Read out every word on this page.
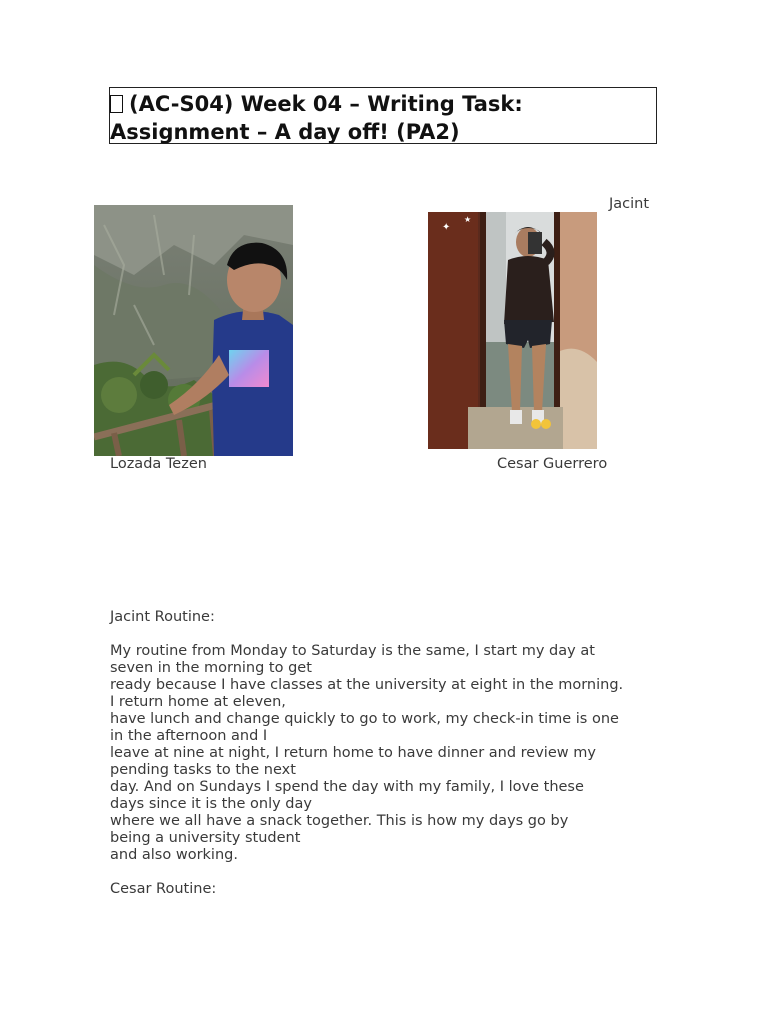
(AC-S04) Week 04 – Writing Task:

Assignment – A day off! (PA2)

Jacint
✦
★
Lozada Tezen	Cesar Guerrero
Jacint Routine:
My routine from Monday to Saturday is the same, I start my day at
seven in the morning to get
ready because I have classes at the university at eight in the morning.
I return home at eleven,
have lunch and change quickly to go to work, my check-in time is one
in the afternoon and I
leave at nine at night, I return home to have dinner and review my
pending tasks to the next
day. And on Sundays I spend the day with my family, I love these
days since it is the only day
where we all have a snack together. This is how my days go by
being a university student
and also working.
Cesar Routine:
